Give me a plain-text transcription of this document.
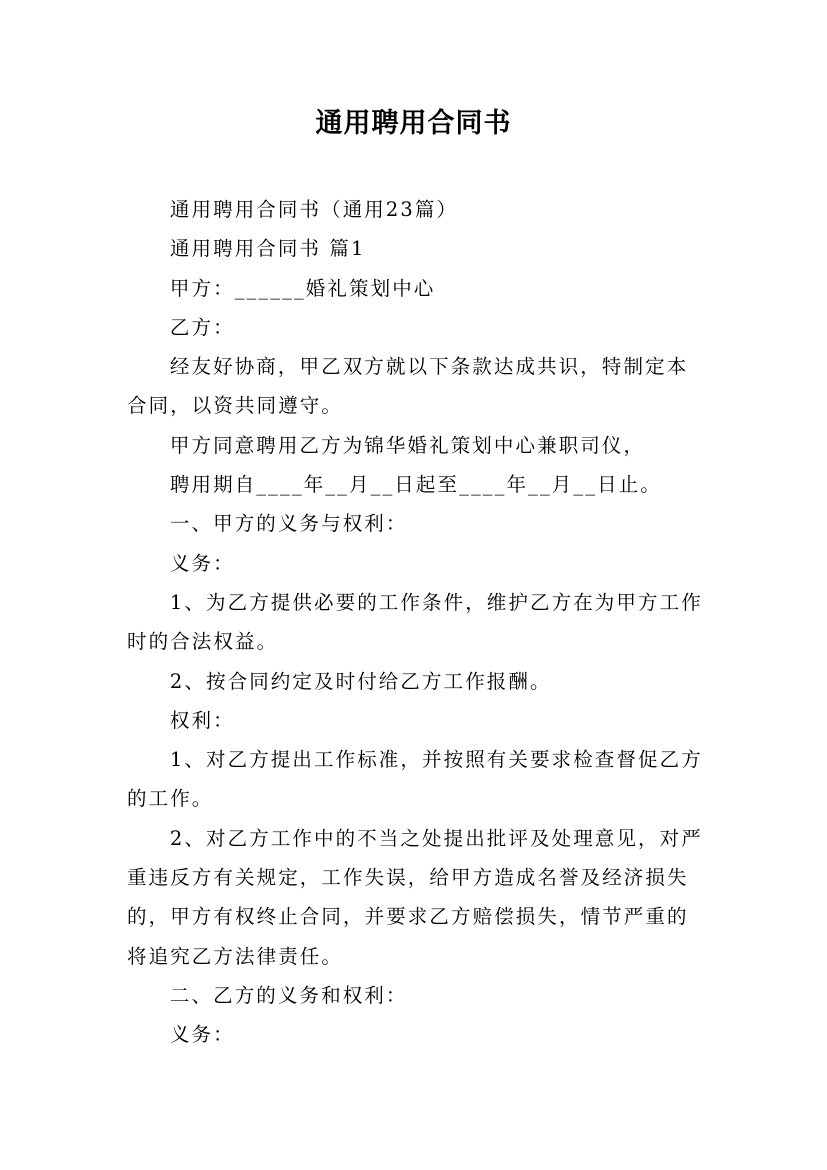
通用聘用合同书

通用聘用合同书（通用23篇）

通用聘用合同书 篇1

甲方：______婚礼策划中心

乙方：

经友好协商，甲乙双方就以下条款达成共识，特制定本合同，以资共同遵守。

甲方同意聘用乙方为锦华婚礼策划中心兼职司仪，

聘用期自____年__月__日起至____年__月__日止。

一、甲方的义务与权利：

义务：

1、为乙方提供必要的工作条件，维护乙方在为甲方工作时的合法权益。

2、按合同约定及时付给乙方工作报酬。

权利：

1、对乙方提出工作标准，并按照有关要求检查督促乙方的工作。

2、对乙方工作中的不当之处提出批评及处理意见，对严重违反方有关规定，工作失误，给甲方造成名誉及经济损失的，甲方有权终止合同，并要求乙方赔偿损失，情节严重的将追究乙方法律责任。

二、乙方的义务和权利：

义务：
